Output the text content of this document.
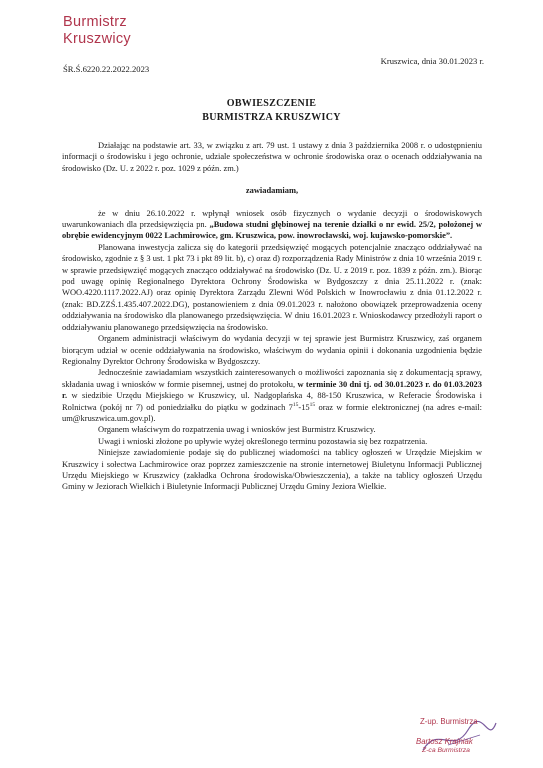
Burmistrz
Kruszwicy
ŚR.Ś.6220.22.2022.2023
Kruszwica, dnia 30.01.2023 r.
OBWIESZCZENIE
BURMISTRZA KRUSZWICY

Działając na podstawie art. 33, w związku z art. 79 ust. 1 ustawy z dnia 3 października 2008 r. o udostępnieniu informacji o środowisku i jego ochronie, udziale społeczeństwa w ochronie środowiska oraz o ocenach oddziaływania na środowisko (Dz. U. z 2022 r. poz. 1029 z późn. zm.)

zawiadamiam,

że w dniu 26.10.2022 r. wpłynął wniosek osób fizycznych o wydanie decyzji o środowiskowych uwarunkowaniach dla przedsięwzięcia pn. „Budowa studni głębinowej na terenie działki o nr ewid. 25/2, położonej w obrębie ewidencyjnym 0022 Lachmirowice, gm. Kruszwica, pow. inowrocławski, woj. kujawsko-pomorskie”.

Planowana inwestycja zalicza się do kategorii przedsięwzięć mogących potencjalnie znacząco oddziaływać na środowisko, zgodnie z § 3 ust. 1 pkt 73 i pkt 89 lit. b), c) oraz d) rozporządzenia Rady Ministrów z dnia 10 września 2019 r. w sprawie przedsięwzięć mogących znacząco oddziaływać na środowisko (Dz. U. z 2019 r. poz. 1839 z późn. zm.). Biorąc pod uwagę opinię Regionalnego Dyrektora Ochrony Środowiska w Bydgoszczy z dnia 25.11.2022 r. (znak: WOO.4220.1117.2022.AJ) oraz opinię Dyrektora Zarządu Zlewni Wód Polskich w Inowrocławiu z dnia 01.12.2022 r. (znak: BD.ZZŚ.1.435.407.2022.DG), postanowieniem z dnia 09.01.2023 r. nałożono obowiązek przeprowadzenia oceny oddziaływania na środowisko dla planowanego przedsięwzięcia. W dniu 16.01.2023 r. Wnioskodawcy przedłożyli raport o oddziaływaniu planowanego przedsięwzięcia na środowisko.

Organem administracji właściwym do wydania decyzji w tej sprawie jest Burmistrz Kruszwicy, zaś organem biorącym udział w ocenie oddziaływania na środowisko, właściwym do wydania opinii i dokonania uzgodnienia będzie Regionalny Dyrektor Ochrony Środowiska w Bydgoszczy.

Jednocześnie zawiadamiam wszystkich zainteresowanych o możliwości zapoznania się z dokumentacją sprawy, składania uwag i wniosków w formie pisemnej, ustnej do protokołu, w terminie 30 dni tj. od 30.01.2023 r. do 01.03.2023 r. w siedzibie Urzędu Miejskiego w Kruszwicy, ul. Nadgoplańska 4, 88-150 Kruszwica, w Referacie Środowiska i Rolnictwa (pokój nr 7) od poniedziałku do piątku w godzinach $7^{15}-15^{15}$ oraz w formie elektronicznej (na adres e-mail: um@kruszwica.um.gov.pl).

Organem właściwym do rozpatrzenia uwag i wniosków jest Burmistrz Kruszwicy.

Uwagi i wnioski złożone po upływie wyżej określonego terminu pozostawia się bez rozpatrzenia.

Niniejsze zawiadomienie podaje się do publicznej wiadomości na tablicy ogłoszeń w Urzędzie Miejskim w Kruszwicy i sołectwa Lachmirowice oraz poprzez zamieszczenie na stronie internetowej Biuletynu Informacji Publicznej Urzędu Miejskiego w Kruszwicy (zakładka Ochrona środowiska/Obwieszczenia), a także na tablicy ogłoszeń Urzędu Gminy w Jeziorach Wielkich i Biuletynie Informacji Publicznej Urzędu Gminy Jeziora Wielkie.

Z-up. Burmistrza
Bartosz Krajniak
Z-ca Burmistrza
